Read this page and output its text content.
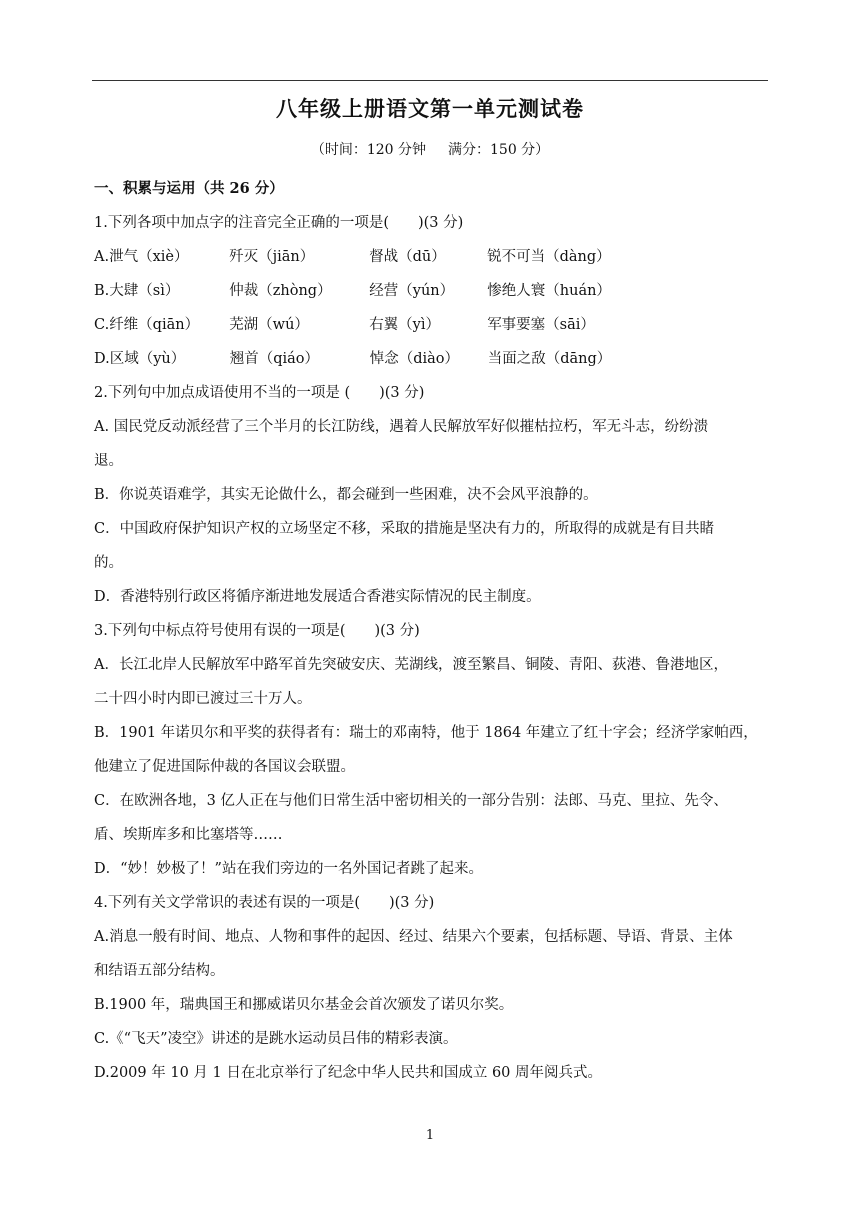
八年级上册语文第一单元测试卷
（时间：120 分钟 满分：150 分）
一、积累与运用（共 26 分）
1.下列各项中加点字的注音完全正确的一项是(　　)(3 分)
A.泄气（xiè）	歼灭（jiān）	督战（dū）	锐不可当（dàng）
B.大肆（sì）	仲裁（zhòng）	经营（yún） 惨绝人寰（huán）
C.纤维（qiān） 芜湖（wú）	右翼（yì）	军事要塞（sāi）
D.区域（yù）	翘首（qiáo）	悼念（diào） 当面之敌（dāng）
2.下列句中加点成语使用不当的一项是 (　　)(3 分)
A. 国民党反动派经营了三个半月的长江防线，遇着人民解放军好似摧枯拉朽，军无斗志，纷纷溃
退。
B．你说英语难学，其实无论做什么，都会碰到一些困难，决不会风平浪静的。
C．中国政府保护知识产权的立场坚定不移，采取的措施是坚决有力的，所取得的成就是有目共睹
的。
D．香港特别行政区将循序渐进地发展适合香港实际情况的民主制度。
3.下列句中标点符号使用有误的一项是(　　)(3 分)
A．长江北岸人民解放军中路军首先突破安庆、芜湖线，渡至繁昌、铜陵、青阳、荻港、鲁港地区，
二十四小时内即已渡过三十万人。
B．1901 年诺贝尔和平奖的获得者有：瑞士的邓南特，他于 1864 年建立了红十字会；经济学家帕西，
他建立了促进国际仲裁的各国议会联盟。
C．在欧洲各地，3 亿人正在与他们日常生活中密切相关的一部分告别：法郎、马克、里拉、先令、
盾、埃斯库多和比塞塔等……
D．“妙！妙极了！”站在我们旁边的一名外国记者跳了起来。
4.下列有关文学常识的表述有误的一项是(　　)(3 分)
A.消息一般有时间、地点、人物和事件的起因、经过、结果六个要素，包括标题、导语、背景、主体
和结语五部分结构。
B.1900 年，瑞典国王和挪威诺贝尔基金会首次颁发了诺贝尔奖。
C.《“飞天”凌空》讲述的是跳水运动员吕伟的精彩表演。
D.2009 年 10 月 1 日在北京举行了纪念中华人民共和国成立 60 周年阅兵式。
1
